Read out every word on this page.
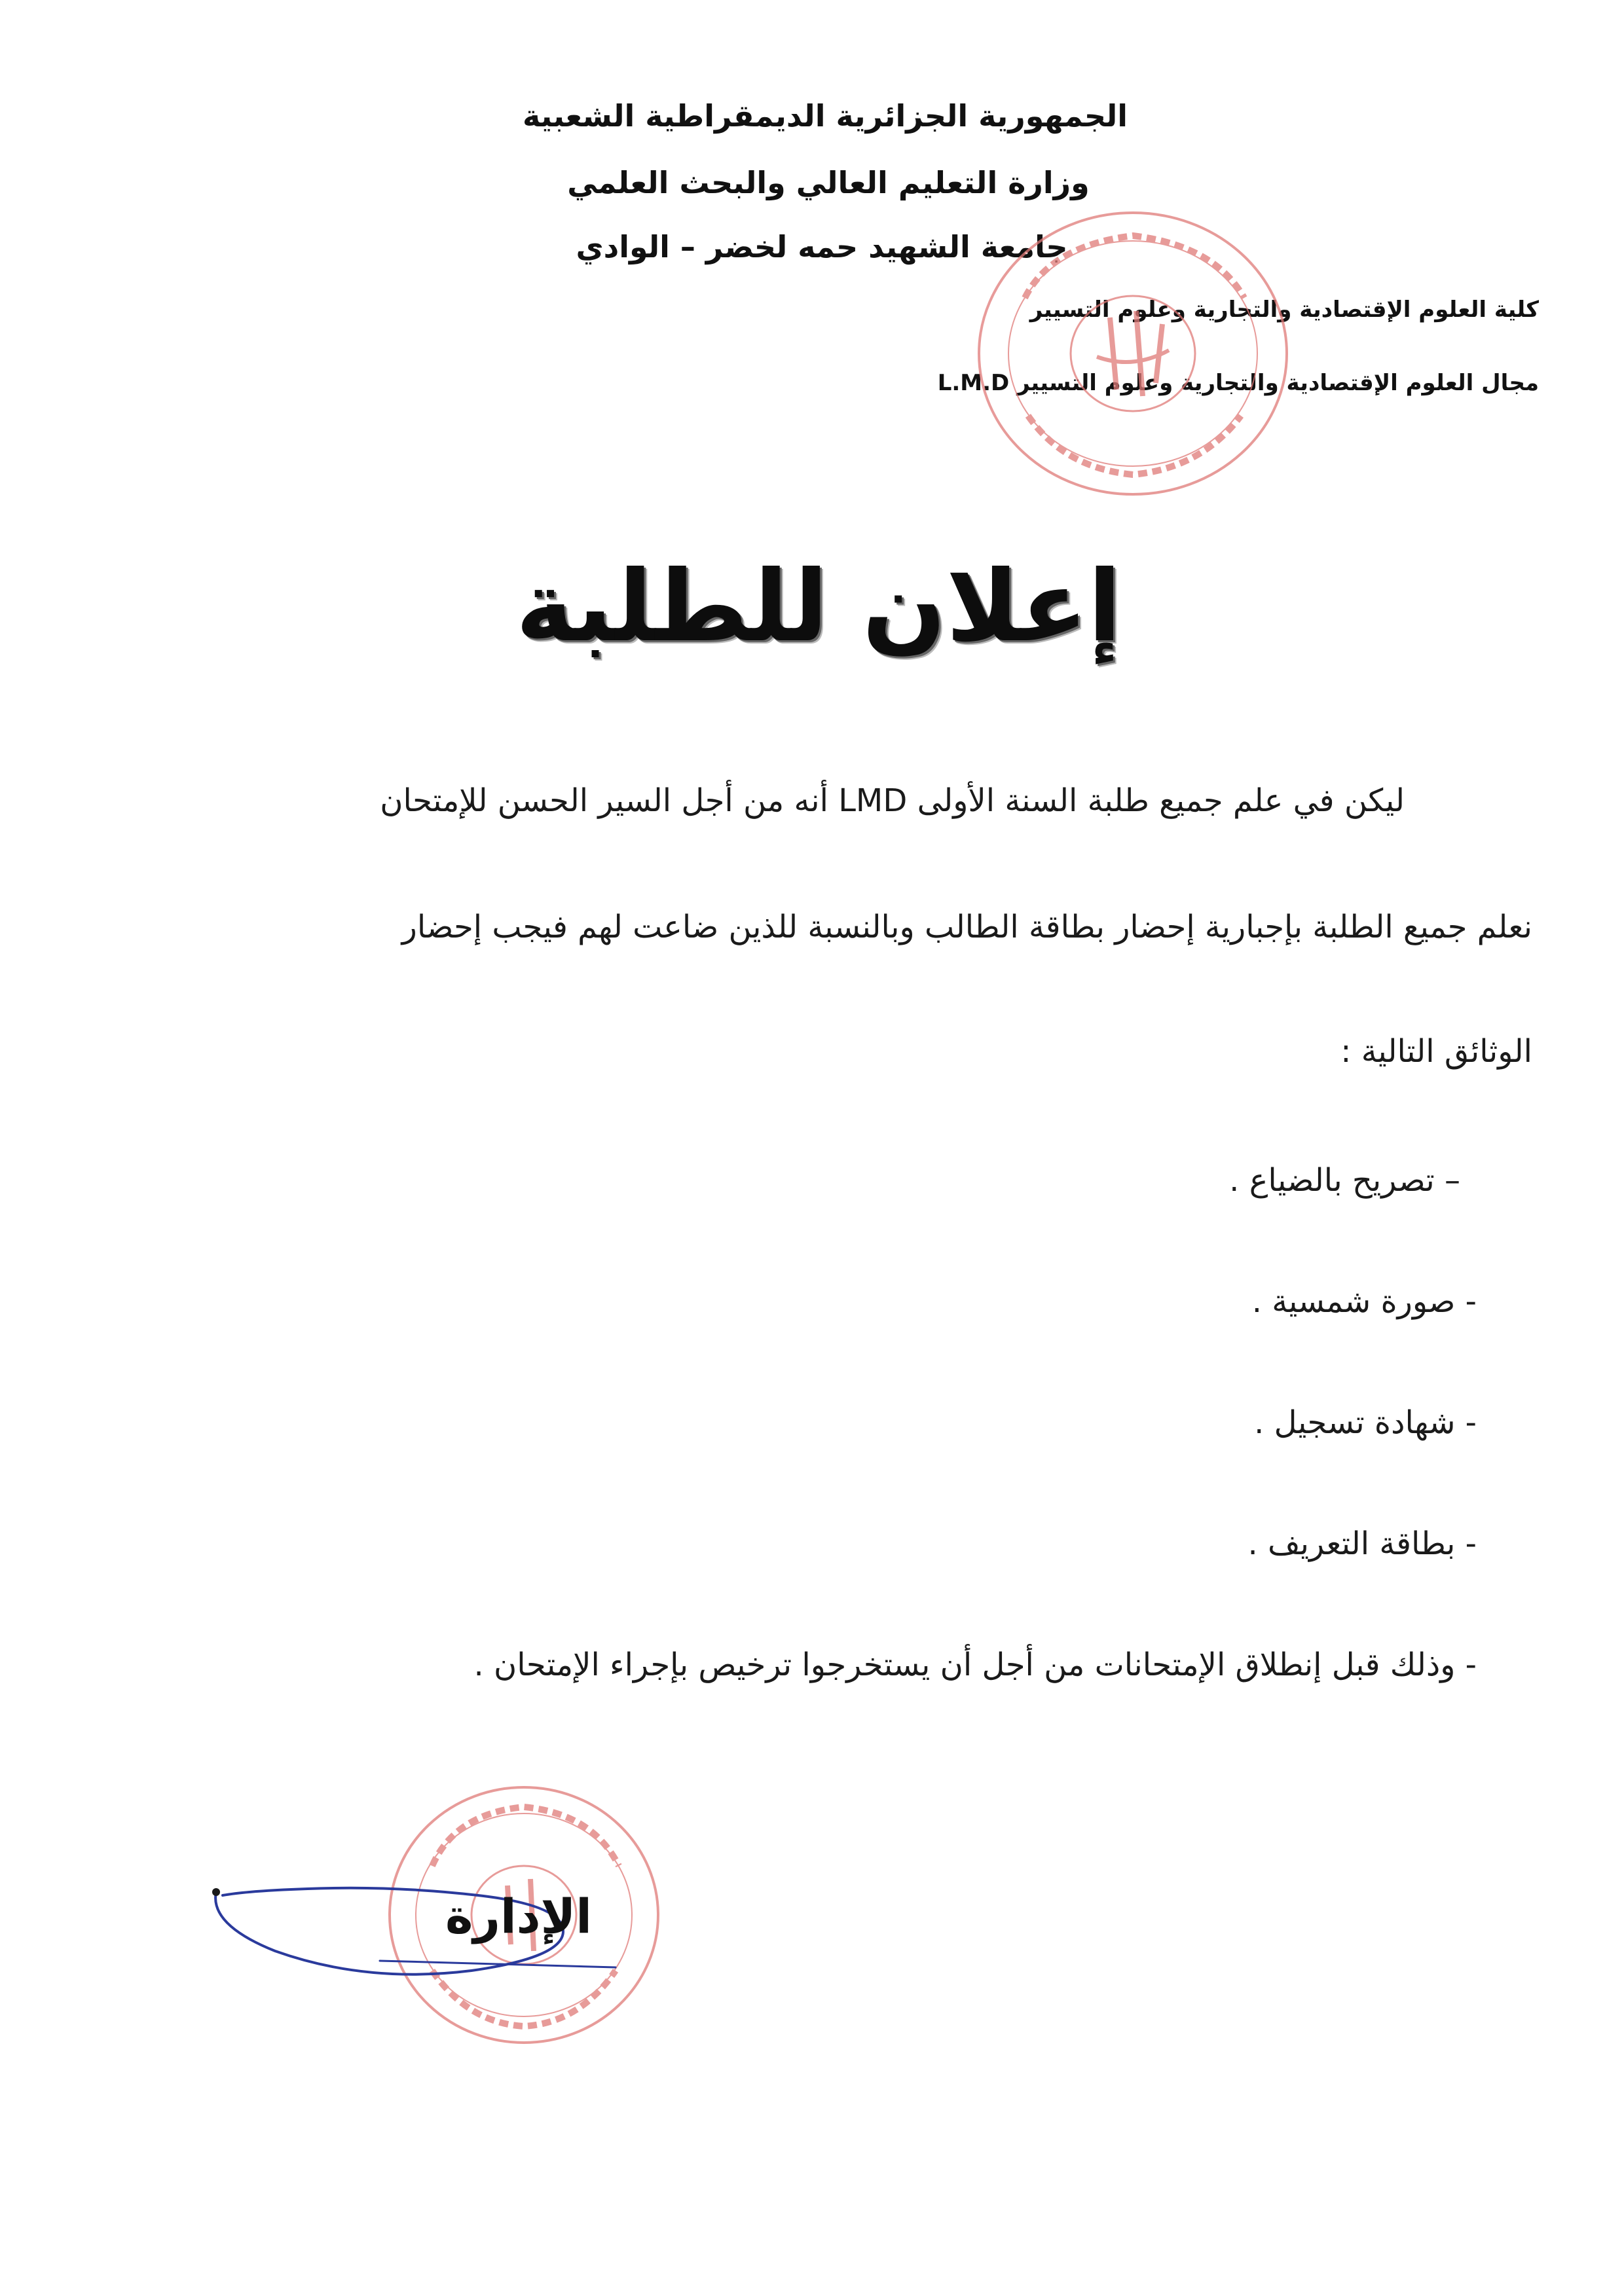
الجمهورية الجزائرية الديمقراطية الشعبية
وزارة التعليم العالي والبحث العلمي
جامعة الشهيد حمه لخضر – الوادي
كلية العلوم الإقتصادية والتجارية وعلوم التسيير
مجال العلوم الإقتصادية والتجارية وعلوم التسيير L.M.D
إعلان للطلبة
ليكن في علم جميع طلبة السنة الأولى LMD أنه من أجل السير الحسن للإمتحان
نعلم جميع الطلبة بإجبارية إحضار بطاقة الطالب وبالنسبة للذين ضاعت لهم فيجب إحضار
الوثائق التالية :
– تصريح بالضياع .
- صورة شمسية .
- شهادة تسجيل .
- بطاقة التعريف .
- وذلك قبل إنطلاق الإمتحانات من أجل أن يستخرجوا ترخيص بإجراء الإمتحان .
الإدارة
